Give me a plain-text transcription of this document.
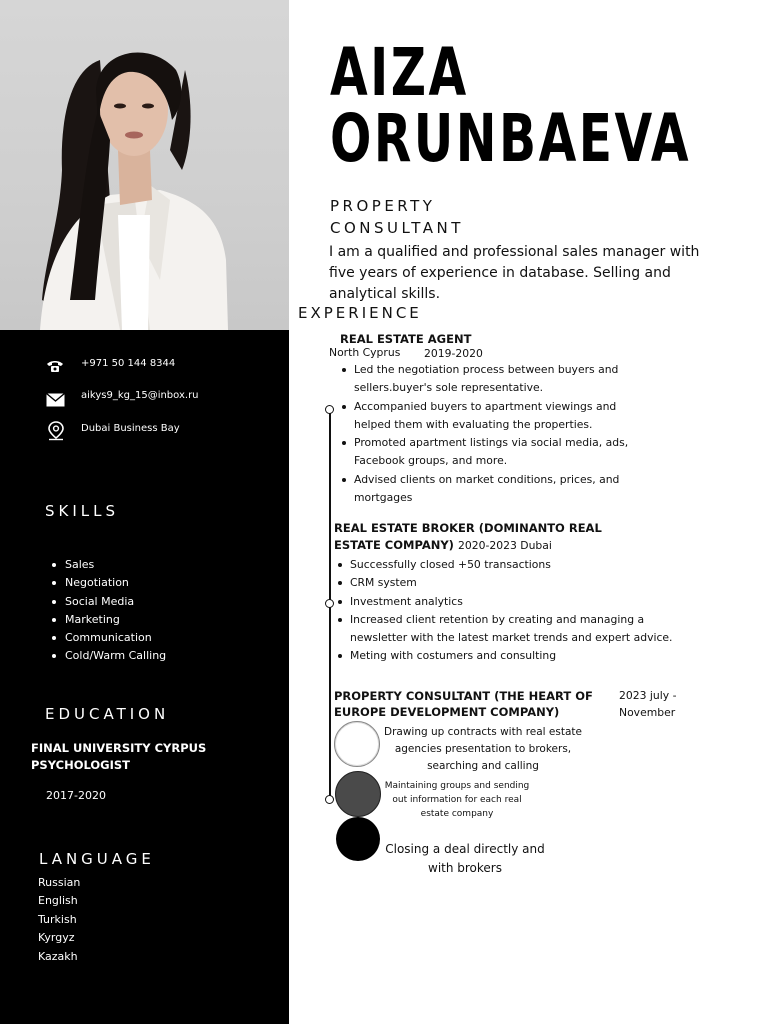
+971 50 144 8344
aikys9_kg_15@inbox.ru
Dubai Business Bay
SKILLS
Sales
Negotiation
Social Media
Marketing
Communication
Cold/Warm Calling
EDUCATION
FINAL UNIVERSITY CYRPUS
PSYCHOLOGIST
2017-2020
LANGUAGE
Russian
English
Turkish
Kyrgyz
Kazakh
AIZA
ORUNBAEVA
PROPERTY
CONSULTANT
I am a qualified and professional sales manager with five years of experience in database. Selling and analytical skills.
EXPERIENCE
REAL ESTATE AGENT
North Cyprus 2019-2020
Led the negotiation process between buyers and sellers.buyer's sole representative.
Accompanied buyers to apartment viewings and helped them with evaluating the properties.
Promoted apartment listings via social media, ads, Facebook groups, and more.
Advised clients on market conditions, prices, and mortgages
REAL ESTATE BROKER (DOMINANTO REAL
ESTATE COMPANY) 2020-2023 Dubai
Successfully closed +50 transactions
CRM system
Investment analytics
Increased client retention by creating and managing a newsletter with the latest market trends and expert advice.
Meting with costumers and consulting
PROPERTY CONSULTANT (THE HEART OF
EUROPE DEVELOPMENT COMPANY)
2023 july -
November
Drawing up contracts with real estate agencies presentation to brokers, searching and calling
Maintaining groups and sending out information for each real estate company
Closing a deal directly and with brokers
